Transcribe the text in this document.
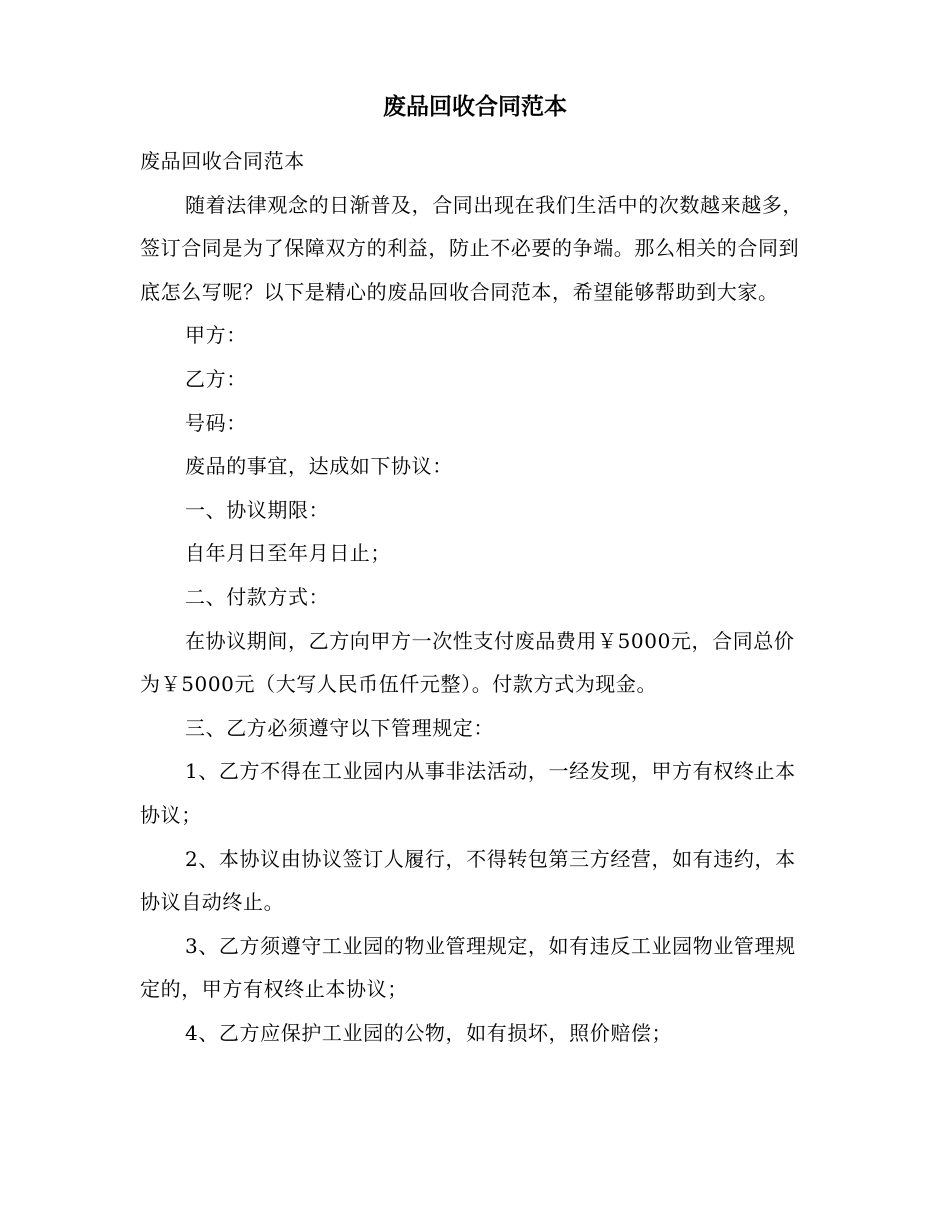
废品回收合同范本

废品回收合同范本

随着法律观念的日渐普及，合同出现在我们生活中的次数越来越多，签订合同是为了保障双方的利益，防止不必要的争端。那么相关的合同到底怎么写呢？以下是精心的废品回收合同范本，希望能够帮助到大家。

甲方：

乙方：

号码：

废品的事宜，达成如下协议：

一、协议期限：

自年月日至年月日止；

二、付款方式：

在协议期间，乙方向甲方一次性支付废品费用￥5000元，合同总价为￥5000元（大写人民币伍仟元整）。付款方式为现金。

三、乙方必须遵守以下管理规定：

1、乙方不得在工业园内从事非法活动，一经发现，甲方有权终止本协议；

2、本协议由协议签订人履行，不得转包第三方经营，如有违约，本协议自动终止。

3、乙方须遵守工业园的物业管理规定，如有违反工业园物业管理规定的，甲方有权终止本协议；

4、乙方应保护工业园的公物，如有损坏，照价赔偿；
